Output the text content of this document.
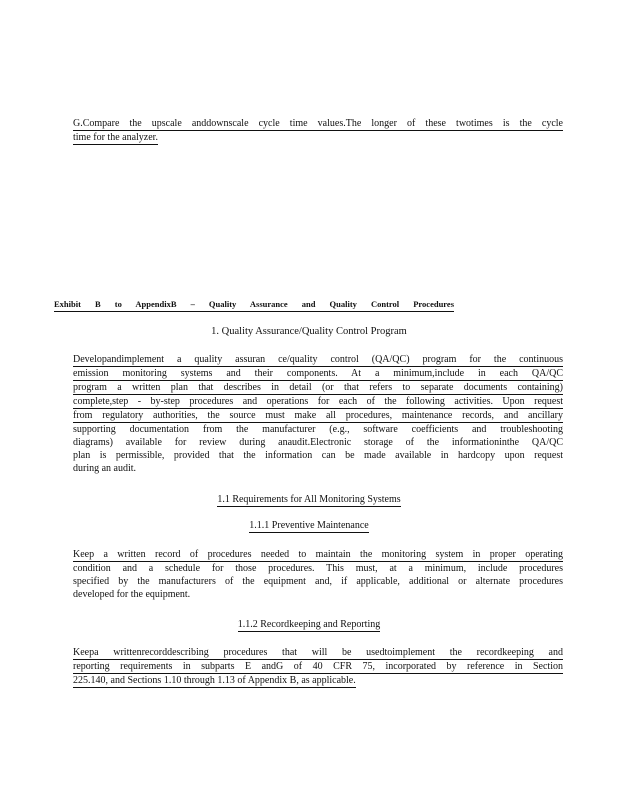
G.Compare the upscale anddownscale cycle time values.The longer of these twotimes is the cycle
time for the analyzer.
Exhibit B to AppendixB – Quality Assurance and Quality Control Procedures
1. Quality Assurance/Quality Control Program
Developandimplement a quality assuran ce/quality control (QA/QC) program for the continuous
emission monitoring systems and their components. At a minimum,include in each QA/QC
program a written plan that describes in detail (or that refers to separate documents containing)
complete,step - by-step procedures and operations for each of the following activities. Upon request
from regulatory authorities, the source must make all procedures, maintenance records, and ancillary
supporting documentation from the manufacturer (e.g., software coefficients and troubleshooting
diagrams) available for review during anaudit.Electronic storage of the informationinthe QA/QC
plan is permissible, provided that the information can be made available in hardcopy upon request
during an audit.
1.1 Requirements for All Monitoring Systems
1.1.1 Preventive Maintenance
Keep a written record of procedures needed to maintain the monitoring system in proper operating
condition and a schedule for those procedures. This must, at a minimum, include procedures
specified by the manufacturers of the equipment and, if applicable, additional or alternate procedures
developed for the equipment.
1.1.2 Recordkeeping and Reporting
Keepa writtenrecorddescribing procedures that will be usedtoimplement the recordkeeping and
reporting requirements in subparts E andG of 40 CFR 75, incorporated by reference in Section
225.140, and Sections 1.10 through 1.13 of Appendix B, as applicable.
